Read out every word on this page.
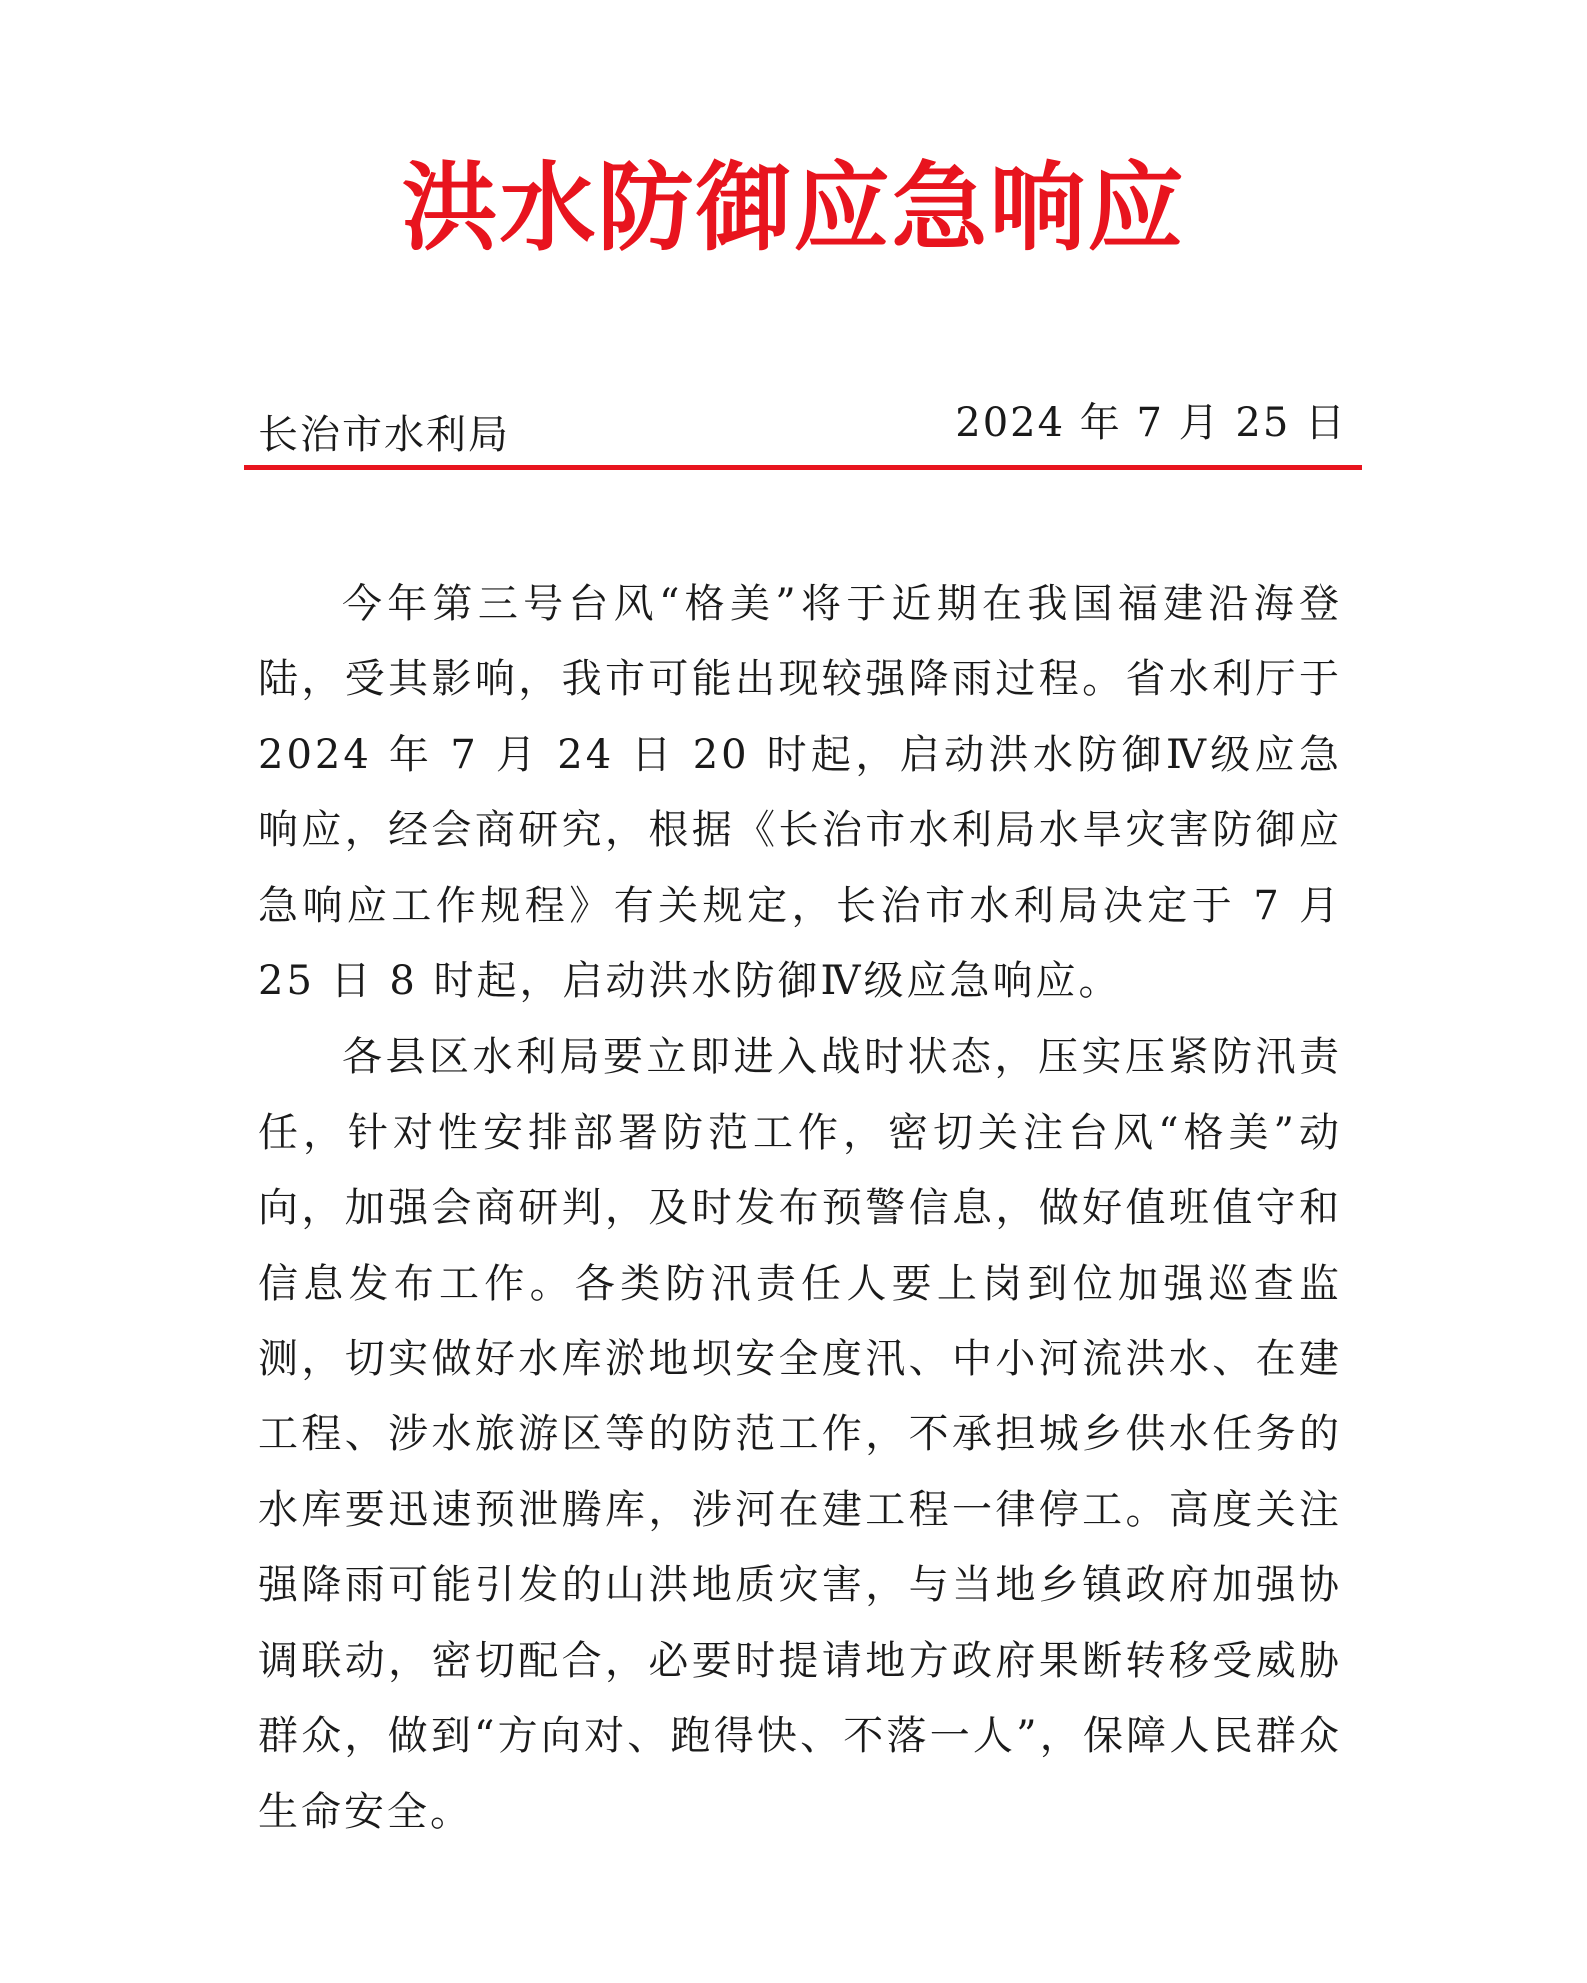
洪水防御应急响应
长治市水利局	2024 年 7 月 25 日

今年第三号台风“格美”将于近期在我国福建沿海登陆，受其影响，我市可能出现较强降雨过程。省水利厅于 2024 年 7 月 24 日 20 时起，启动洪水防御Ⅳ级应急响应，经会商研究，根据《长治市水利局水旱灾害防御应急响应工作规程》有关规定，长治市水利局决定于 7 月 25 日 8 时起，启动洪水防御Ⅳ级应急响应。

各县区水利局要立即进入战时状态，压实压紧防汛责任，针对性安排部署防范工作，密切关注台风“格美”动向，加强会商研判，及时发布预警信息，做好值班值守和信息发布工作。各类防汛责任人要上岗到位加强巡查监测，切实做好水库淤地坝安全度汛、中小河流洪水、在建工程、涉水旅游区等的防范工作，不承担城乡供水任务的水库要迅速预泄腾库，涉河在建工程一律停工。高度关注强降雨可能引发的山洪地质灾害，与当地乡镇政府加强协调联动，密切配合，必要时提请地方政府果断转移受威胁群众，做到“方向对、跑得快、不落一人”，保障人民群众生命安全。
